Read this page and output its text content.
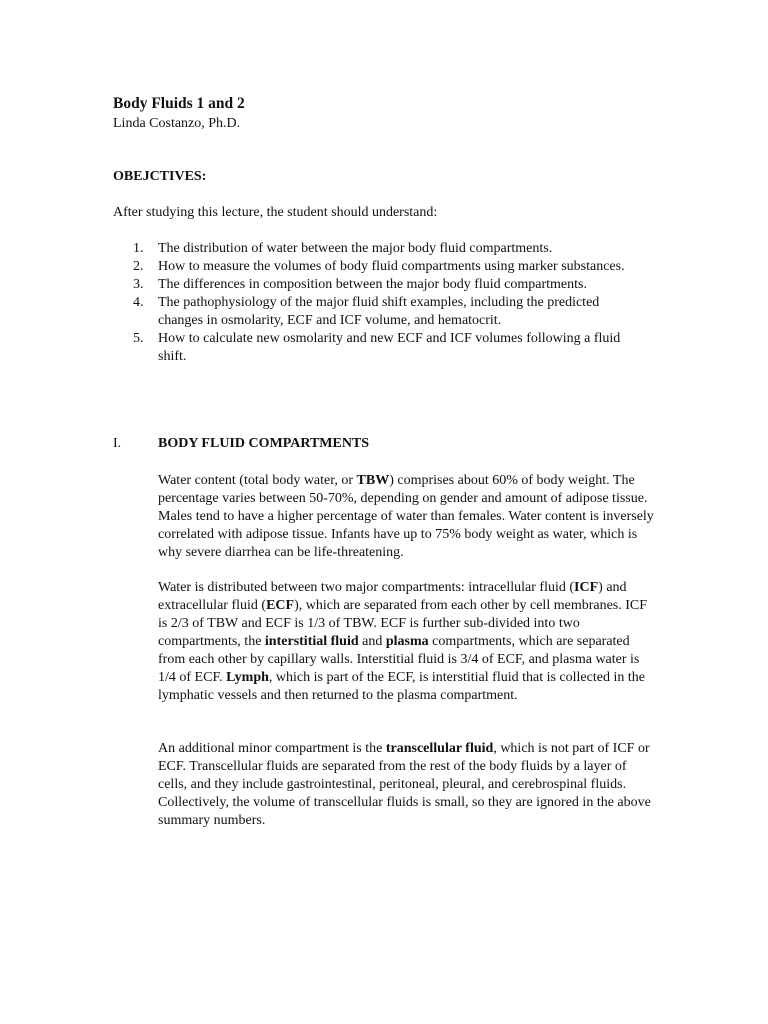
Body Fluids 1 and 2
Linda Costanzo, Ph.D.
OBEJCTIVES:
After studying this lecture, the student should understand:
1. The distribution of water between the major body fluid compartments.
2. How to measure the volumes of body fluid compartments using marker substances.
3. The differences in composition between the major body fluid compartments.
4. The pathophysiology of the major fluid shift examples, including the predicted changes in osmolarity, ECF and ICF volume, and hematocrit.
5. How to calculate new osmolarity and new ECF and ICF volumes following a fluid shift.
I.	BODY FLUID COMPARTMENTS

Water content (total body water, or TBW) comprises about 60% of body weight. The percentage varies between 50-70%, depending on gender and amount of adipose tissue. Males tend to have a higher percentage of water than females. Water content is inversely correlated with adipose tissue. Infants have up to 75% body weight as water, which is why severe diarrhea can be life-threatening.

Water is distributed between two major compartments: intracellular fluid (ICF) and extracellular fluid (ECF), which are separated from each other by cell membranes. ICF is 2/3 of TBW and ECF is 1/3 of TBW. ECF is further sub-divided into two compartments, the interstitial fluid and plasma compartments, which are separated from each other by capillary walls. Interstitial fluid is 3/4 of ECF, and plasma water is 1/4 of ECF. Lymph, which is part of the ECF, is interstitial fluid that is collected in the lymphatic vessels and then returned to the plasma compartment.

An additional minor compartment is the transcellular fluid, which is not part of ICF or ECF. Transcellular fluids are separated from the rest of the body fluids by a layer of cells, and they include gastrointestinal, peritoneal, pleural, and cerebrospinal fluids. Collectively, the volume of transcellular fluids is small, so they are ignored in the above summary numbers.
